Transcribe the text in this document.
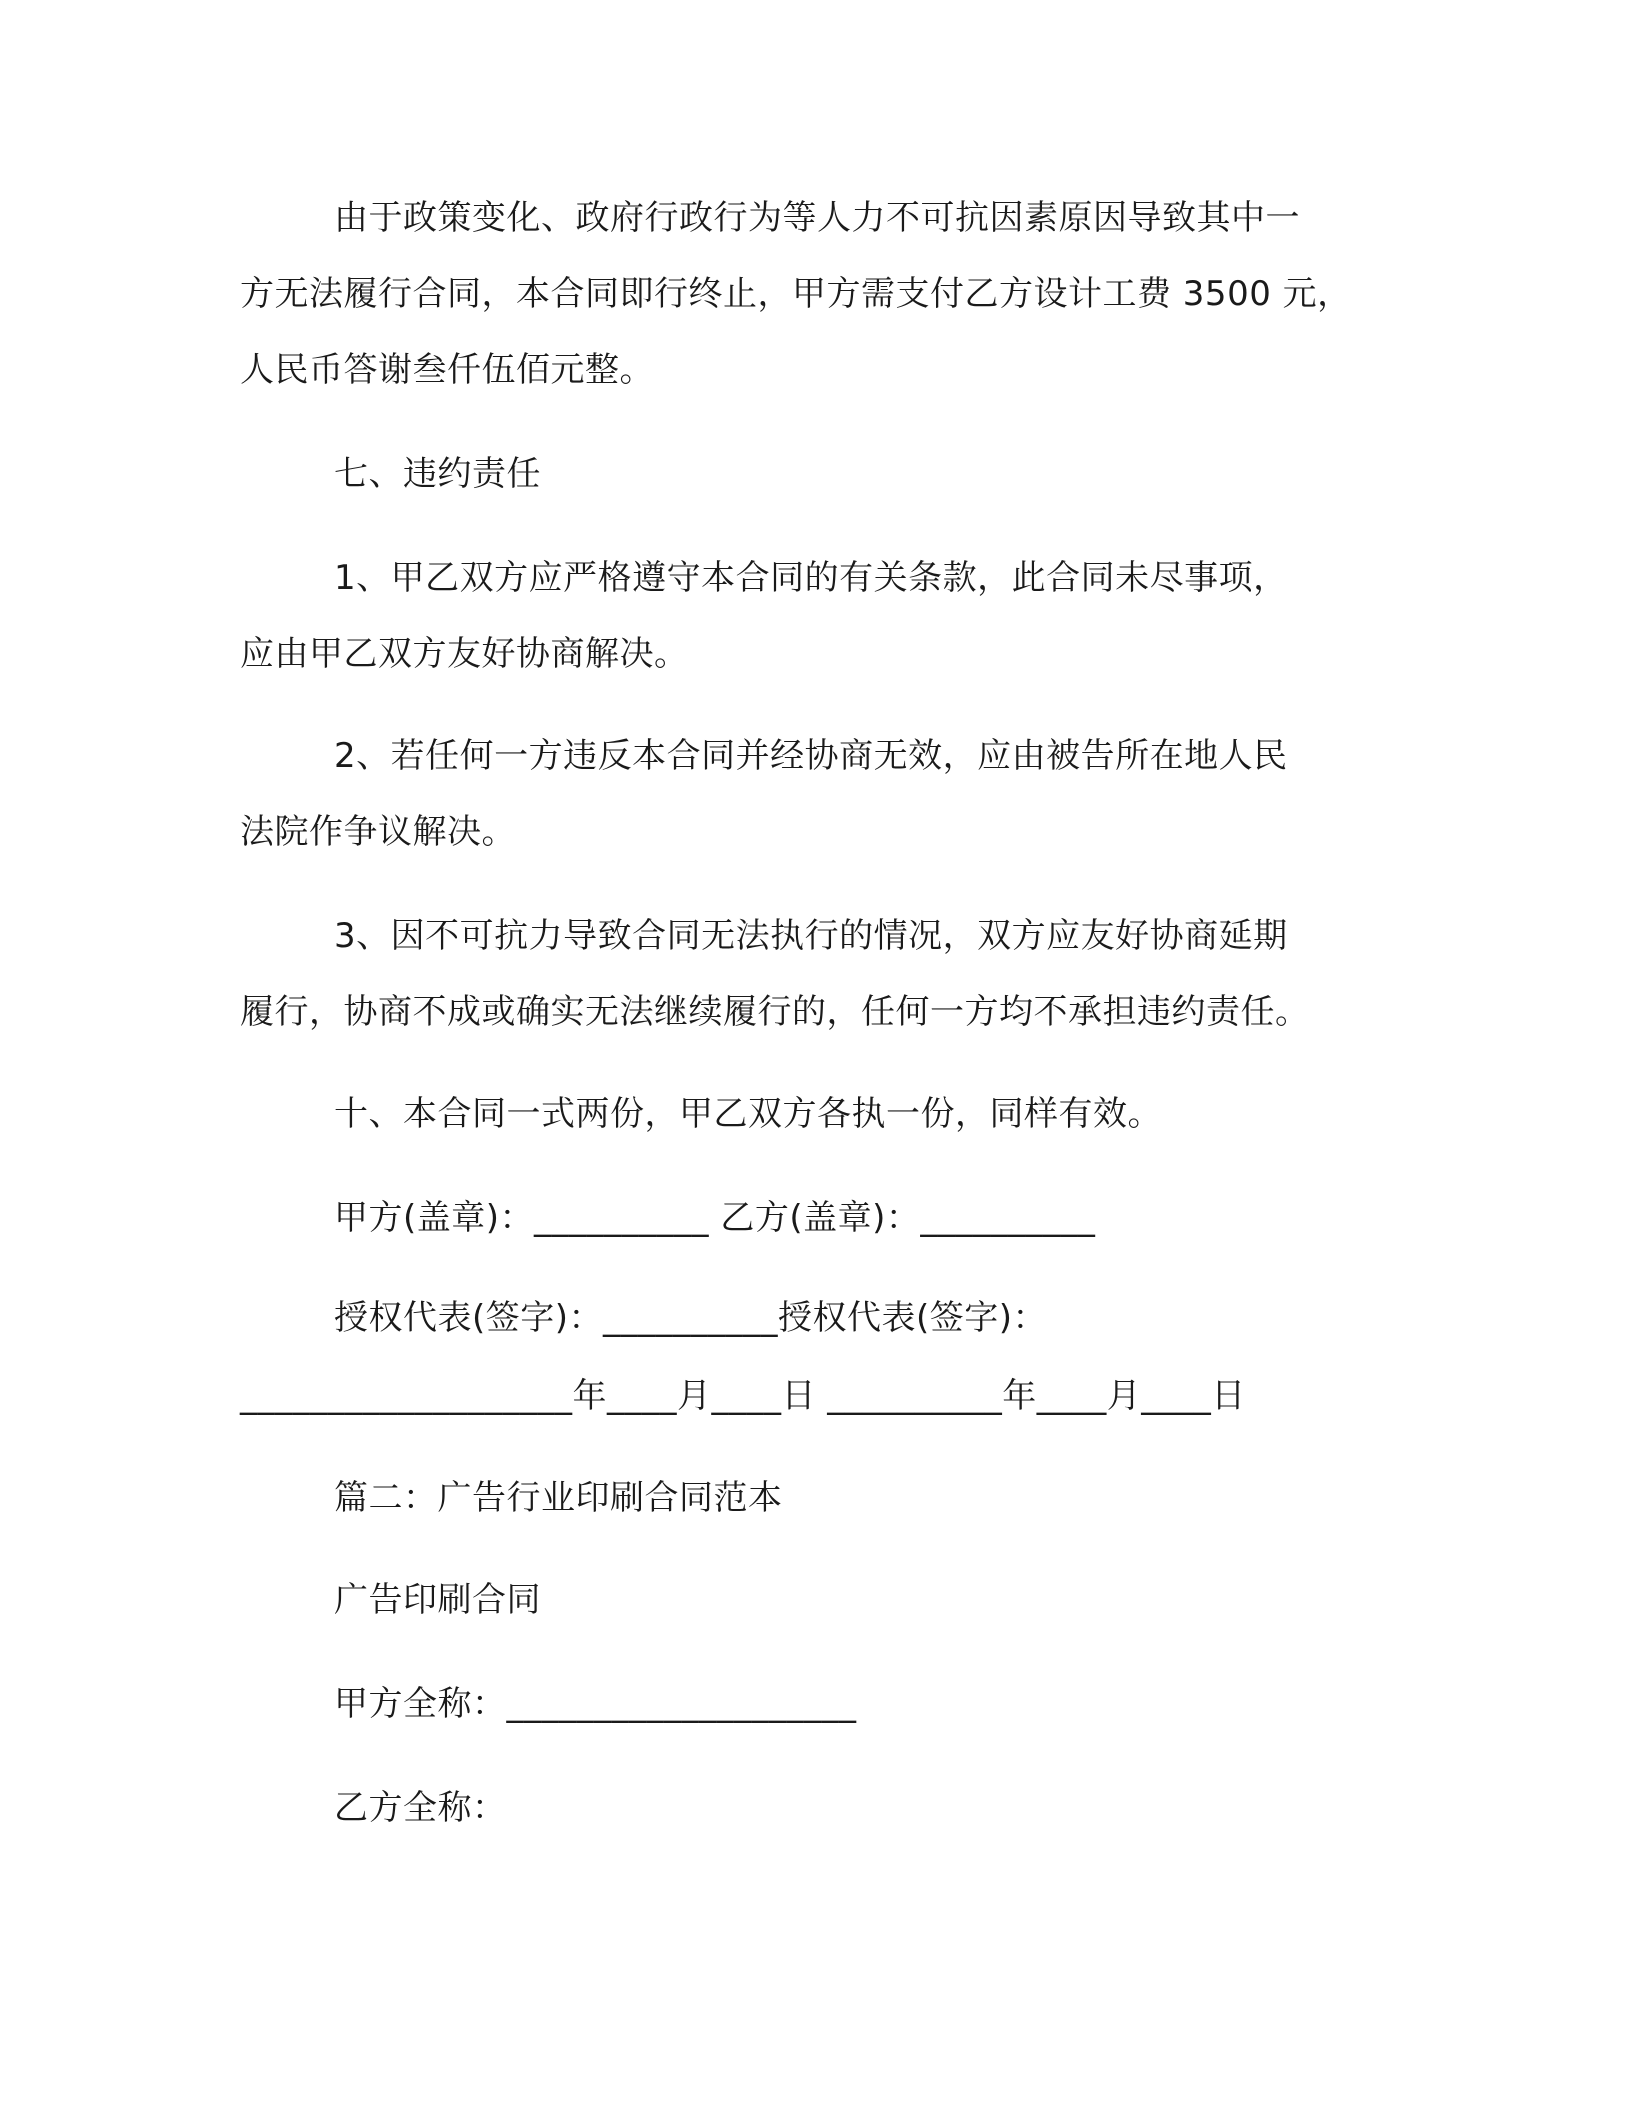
由于政策变化、政府行政行为等人力不可抗因素原因导致其中一
方无法履行合同，本合同即行终止，甲方需支付乙方设计工费 3500 元，
人民币答谢叁仟伍佰元整。
七、违约责任
1、甲乙双方应严格遵守本合同的有关条款，此合同未尽事项，
应由甲乙双方友好协商解决。
2、若任何一方违反本合同并经协商无效，应由被告所在地人民
法院作争议解决。
3、因不可抗力导致合同无法执行的情况，双方应友好协商延期
履行，协商不成或确实无法继续履行的，任何一方均不承担违约责任。
十、本合同一式两份，甲乙双方各执一份，同样有效。
甲方(盖章)：__________ 乙方(盖章)：__________
授权代表(签字)：__________授权代表(签字)：
___________________年____月____日 __________年____月____日
篇二：广告行业印刷合同范本
广告印刷合同
甲方全称：____________________
乙方全称：
